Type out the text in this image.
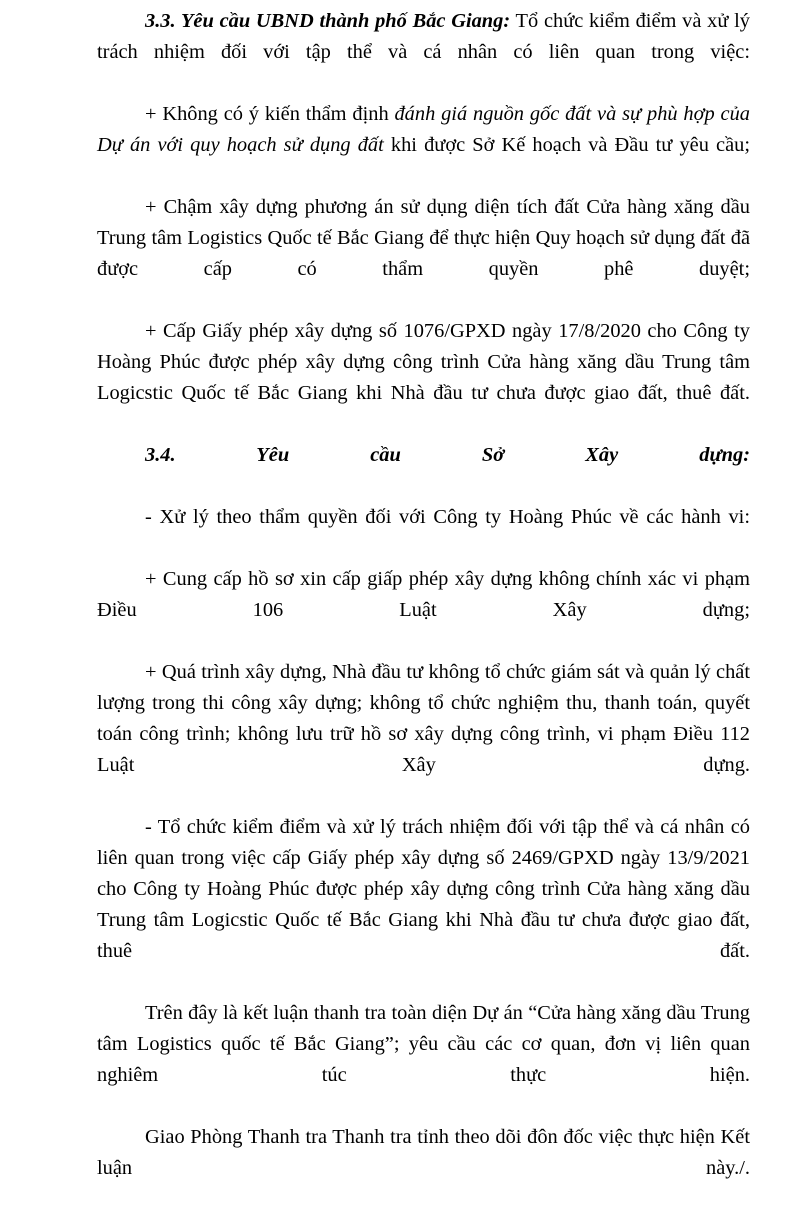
3.3. Yêu cầu UBND thành phố Bắc Giang: Tổ chức kiểm điểm và xử lý trách nhiệm đối với tập thể và cá nhân có liên quan trong việc:

+ Không có ý kiến thẩm định đánh giá nguồn gốc đất và sự phù hợp của Dự án với quy hoạch sử dụng đất khi được Sở Kế hoạch và Đầu tư yêu cầu;

+ Chậm xây dựng phương án sử dụng diện tích đất Cửa hàng xăng dầu Trung tâm Logistics Quốc tế Bắc Giang để thực hiện Quy hoạch sử dụng đất đã được cấp có thẩm quyền phê duyệt;

+ Cấp Giấy phép xây dựng số 1076/GPXD ngày 17/8/2020 cho Công ty Hoàng Phúc được phép xây dựng công trình Cửa hàng xăng dầu Trung tâm Logicstic Quốc tế Bắc Giang khi Nhà đầu tư chưa được giao đất, thuê đất.

3.4. Yêu cầu Sở Xây dựng:

- Xử lý theo thẩm quyền đối với Công ty Hoàng Phúc về các hành vi:

+ Cung cấp hồ sơ xin cấp giấp phép xây dựng không chính xác vi phạm Điều 106 Luật Xây dựng;

+ Quá trình xây dựng, Nhà đầu tư không tổ chức giám sát và quản lý chất lượng trong thi công xây dựng; không tổ chức nghiệm thu, thanh toán, quyết toán công trình; không lưu trữ hồ sơ xây dựng công trình, vi phạm Điều 112 Luật Xây dựng.

- Tổ chức kiểm điểm và xử lý trách nhiệm đối với tập thể và cá nhân có liên quan trong việc cấp Giấy phép xây dựng số 2469/GPXD ngày 13/9/2021 cho Công ty Hoàng Phúc được phép xây dựng công trình Cửa hàng xăng dầu Trung tâm Logicstic Quốc tế Bắc Giang khi Nhà đầu tư chưa được giao đất, thuê đất.

Trên đây là kết luận thanh tra toàn diện Dự án “Cửa hàng xăng dầu Trung tâm Logistics quốc tế Bắc Giang”; yêu cầu các cơ quan, đơn vị liên quan nghiêm túc thực hiện.

Giao Phòng Thanh tra Thanh tra tỉnh theo dõi đôn đốc việc thực hiện Kết luận này./.
